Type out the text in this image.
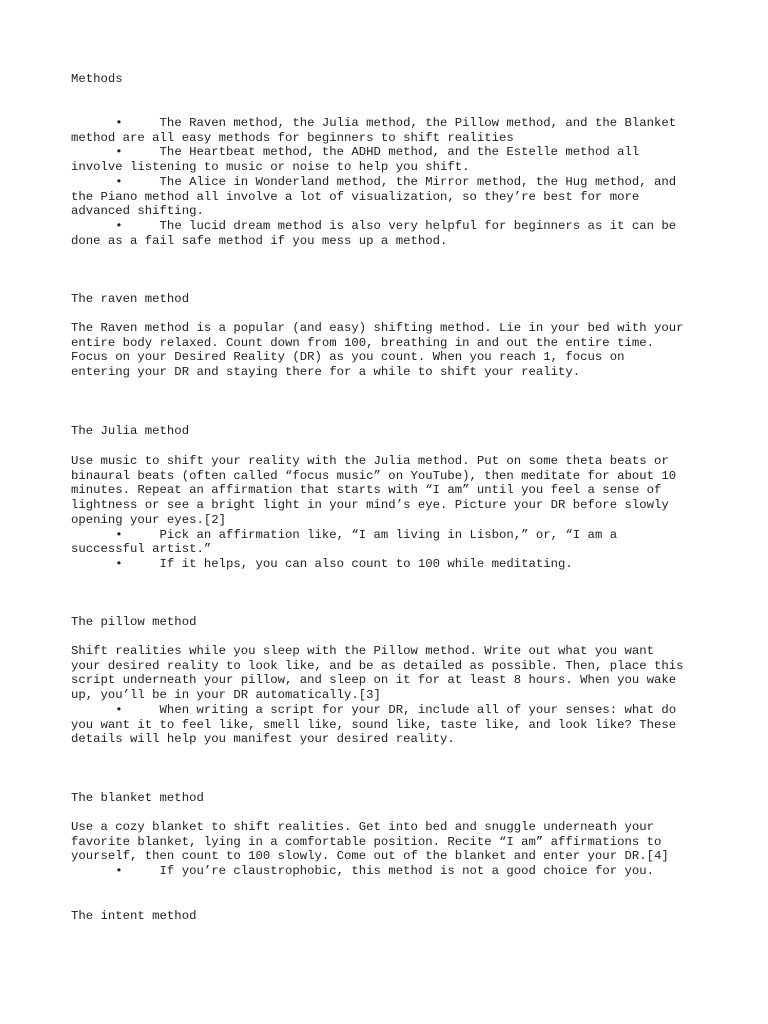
Methods
•     The Raven method, the Julia method, the Pillow method, and the Blanket
method are all easy methods for beginners to shift realities
•     The Heartbeat method, the ADHD method, and the Estelle method all
involve listening to music or noise to help you shift.
•     The Alice in Wonderland method, the Mirror method, the Hug method, and
the Piano method all involve a lot of visualization, so they’re best for more
advanced shifting.
•     The lucid dream method is also very helpful for beginners as it can be
done as a fail safe method if you mess up a method.
The raven method
The Raven method is a popular (and easy) shifting method. Lie in your bed with your
entire body relaxed. Count down from 100, breathing in and out the entire time.
Focus on your Desired Reality (DR) as you count. When you reach 1, focus on
entering your DR and staying there for a while to shift your reality.
The Julia method
Use music to shift your reality with the Julia method. Put on some theta beats or
binaural beats (often called “focus music” on YouTube), then meditate for about 10
minutes. Repeat an affirmation that starts with “I am” until you feel a sense of
lightness or see a bright light in your mind’s eye. Picture your DR before slowly
opening your eyes.[2]
•     Pick an affirmation like, “I am living in Lisbon,” or, “I am a
successful artist.”
•     If it helps, you can also count to 100 while meditating.
The pillow method
Shift realities while you sleep with the Pillow method. Write out what you want
your desired reality to look like, and be as detailed as possible. Then, place this
script underneath your pillow, and sleep on it for at least 8 hours. When you wake
up, you’ll be in your DR automatically.[3]
•     When writing a script for your DR, include all of your senses: what do
you want it to feel like, smell like, sound like, taste like, and look like? These
details will help you manifest your desired reality.
The blanket method
Use a cozy blanket to shift realities. Get into bed and snuggle underneath your
favorite blanket, lying in a comfortable position. Recite “I am” affirmations to
yourself, then count to 100 slowly. Come out of the blanket and enter your DR.[4]
•     If you’re claustrophobic, this method is not a good choice for you.
The intent method
